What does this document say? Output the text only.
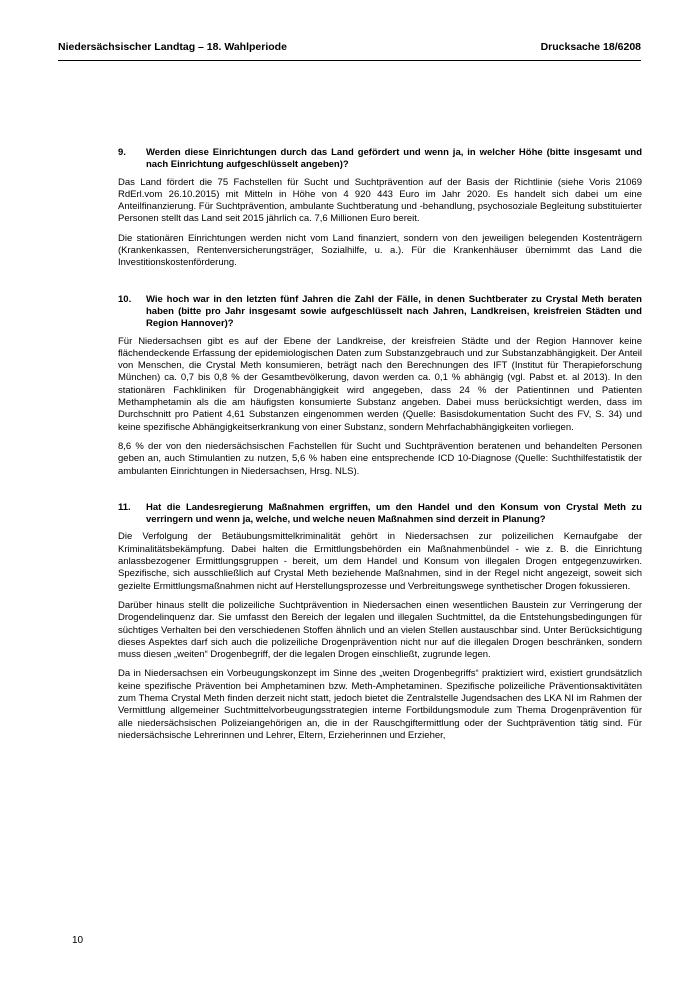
Niedersächsischer Landtag – 18. Wahlperiode	Drucksache 18/6208
9. Werden diese Einrichtungen durch das Land gefördert und wenn ja, in welcher Höhe (bitte insgesamt und nach Einrichtung aufgeschlüsselt angeben)?

Das Land fördert die 75 Fachstellen für Sucht und Suchtprävention auf der Basis der Richtlinie (siehe Voris 21069 RdErl.vom 26.10.2015) mit Mitteln in Höhe von 4 920 443 Euro im Jahr 2020. Es handelt sich dabei um eine Anteilfinanzierung. Für Suchtprävention, ambulante Suchtberatung und -behandlung, psychosoziale Begleitung substituierter Personen stellt das Land seit 2015 jährlich ca. 7,6 Millionen Euro bereit.

Die stationären Einrichtungen werden nicht vom Land finanziert, sondern von den jeweiligen belegenden Kostenträgern (Krankenkassen, Rentenversicherungsträger, Sozialhilfe, u. a.). Für die Krankenhäuser übernimmt das Land die Investitionskostenförderung.

10. Wie hoch war in den letzten fünf Jahren die Zahl der Fälle, in denen Suchtberater zu Crystal Meth beraten haben (bitte pro Jahr insgesamt sowie aufgeschlüsselt nach Jahren, Landkreisen, kreisfreien Städten und Region Hannover)?

Für Niedersachsen gibt es auf der Ebene der Landkreise, der kreisfreien Städte und der Region Hannover keine flächendeckende Erfassung der epidemiologischen Daten zum Substanzgebrauch und zur Substanzabhängigkeit. Der Anteil von Menschen, die Crystal Meth konsumieren, beträgt nach den Berechnungen des IFT (Institut für Therapieforschung München) ca. 0,7 bis 0,8 % der Gesamtbevölkerung, davon werden ca. 0,1 % abhängig (vgl. Pabst et. al 2013). In den stationären Fachkliniken für Drogenabhängigkeit wird angegeben, dass 24 % der Patientinnen und Patienten Methamphetamin als die am häufigsten konsumierte Substanz angeben. Dabei muss berücksichtigt werden, dass im Durchschnitt pro Patient 4,61 Substanzen eingenommen werden (Quelle: Basisdokumentation Sucht des FV, S. 34) und keine spezifische Abhängigkeitserkrankung von einer Substanz, sondern Mehrfachabhängigkeiten vorliegen.

8,6 % der von den niedersächsischen Fachstellen für Sucht und Suchtprävention beratenen und behandelten Personen geben an, auch Stimulantien zu nutzen, 5,6 % haben eine entsprechende ICD 10-Diagnose (Quelle: Suchthilfestatistik der ambulanten Einrichtungen in Niedersachsen, Hrsg. NLS).

11. Hat die Landesregierung Maßnahmen ergriffen, um den Handel und den Konsum von Crystal Meth zu verringern und wenn ja, welche, und welche neuen Maßnahmen sind derzeit in Planung?

Die Verfolgung der Betäubungsmittelkriminalität gehört in Niedersachsen zur polizeilichen Kernaufgabe der Kriminalitätsbekämpfung. Dabei halten die Ermittlungsbehörden ein Maßnahmenbündel - wie z. B. die Einrichtung anlassbezogener Ermittlungsgruppen - bereit, um dem Handel und Konsum von illegalen Drogen entgegenzuwirken. Spezifische, sich ausschließlich auf Crystal Meth beziehende Maßnahmen, sind in der Regel nicht angezeigt, soweit sich gezielte Ermittlungsmaßnahmen nicht auf Herstellungsprozesse und Verbreitungswege synthetischer Drogen fokussieren.

Darüber hinaus stellt die polizeiliche Suchtprävention in Niedersachen einen wesentlichen Baustein zur Verringerung der Drogendelinquenz dar. Sie umfasst den Bereich der legalen und illegalen Suchtmittel, da die Entstehungsbedingungen für süchtiges Verhalten bei den verschiedenen Stoffen ähnlich und an vielen Stellen austauschbar sind. Unter Berücksichtigung dieses Aspektes darf sich auch die polizeiliche Drogenprävention nicht nur auf die illegalen Drogen beschränken, sondern muss diesen „weiten“ Drogenbegriff, der die legalen Drogen einschließt, zugrunde legen.

Da in Niedersachsen ein Vorbeugungskonzept im Sinne des „weiten Drogenbegriffs“ praktiziert wird, existiert grundsätzlich keine spezifische Prävention bei Amphetaminen bzw. Meth-Amphetaminen. Spezifische polizeiliche Präventionsaktivitäten zum Thema Crystal Meth finden derzeit nicht statt, jedoch bietet die Zentralstelle Jugendsachen des LKA NI im Rahmen der Vermittlung allgemeiner Suchtmittelvorbeugungsstrategien interne Fortbildungsmodule zum Thema Drogenprävention für alle niedersächsischen Polizeiangehörigen an, die in der Rauschgiftermittlung oder der Suchtprävention tätig sind. Für niedersächsische Lehrerinnen und Lehrer, Eltern, Erzieherinnen und Erzieher,

10
